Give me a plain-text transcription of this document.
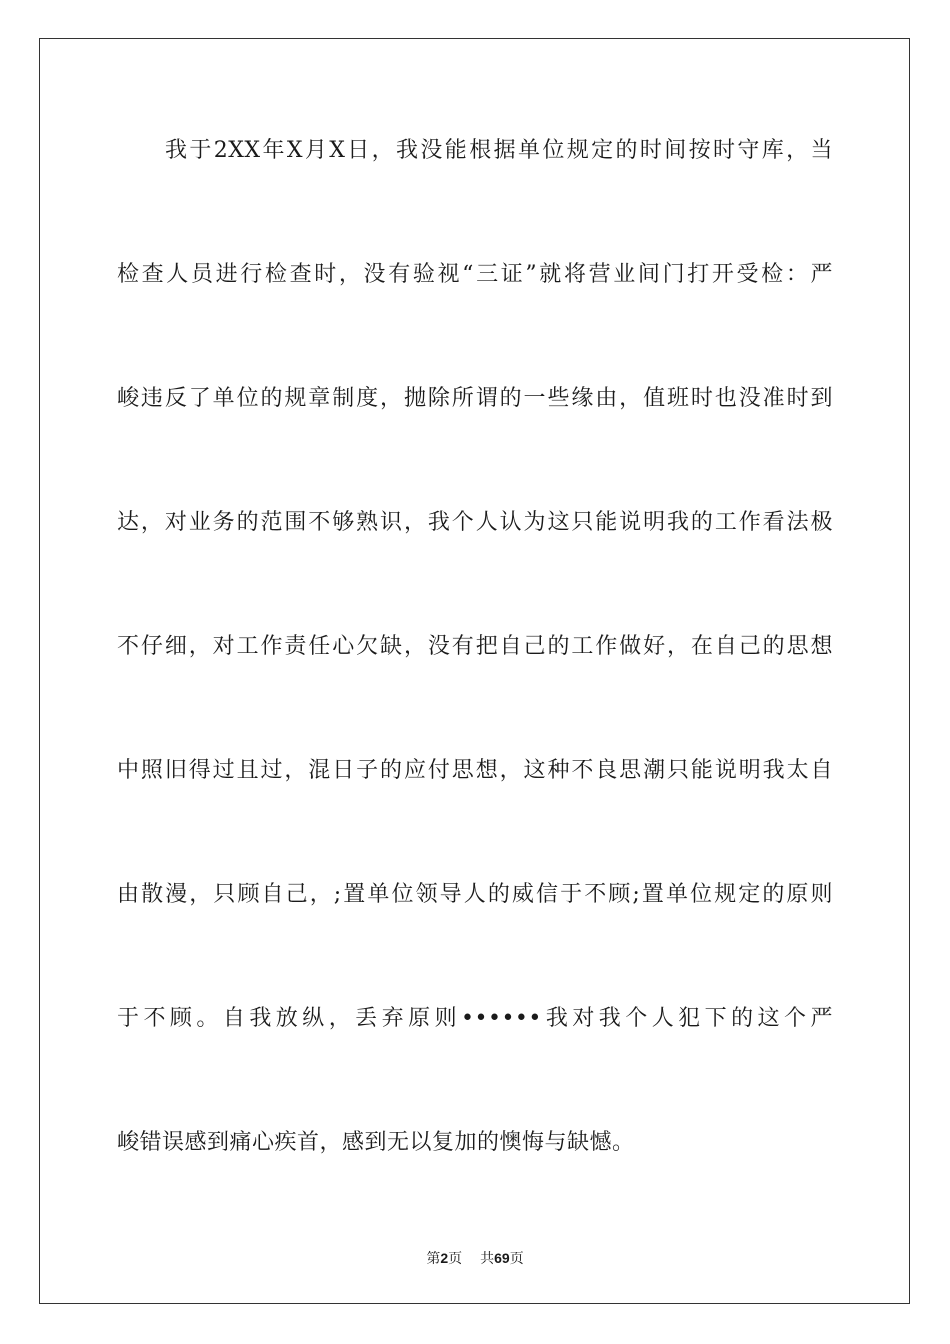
我于2XX年X月X日，我没能根据单位规定的时间按时守库，当
检查人员进行检查时，没有验视“三证”就将营业间门打开受检：严
峻违反了单位的规章制度，抛除所谓的一些缘由，值班时也没准时到
达，对业务的范围不够熟识，我个人认为这只能说明我的工作看法极
不仔细，对工作责任心欠缺，没有把自己的工作做好，在自己的思想
中照旧得过且过，混日子的应付思想，这种不良思潮只能说明我太自
由散漫，只顾自己，;置单位领导人的威信于不顾;置单位规定的原则
于不顾。自我放纵，丢弃原则••••••我对我个人犯下的这个严
峻错误感到痛心疾首，感到无以复加的懊悔与缺憾。
第2页 共69页
